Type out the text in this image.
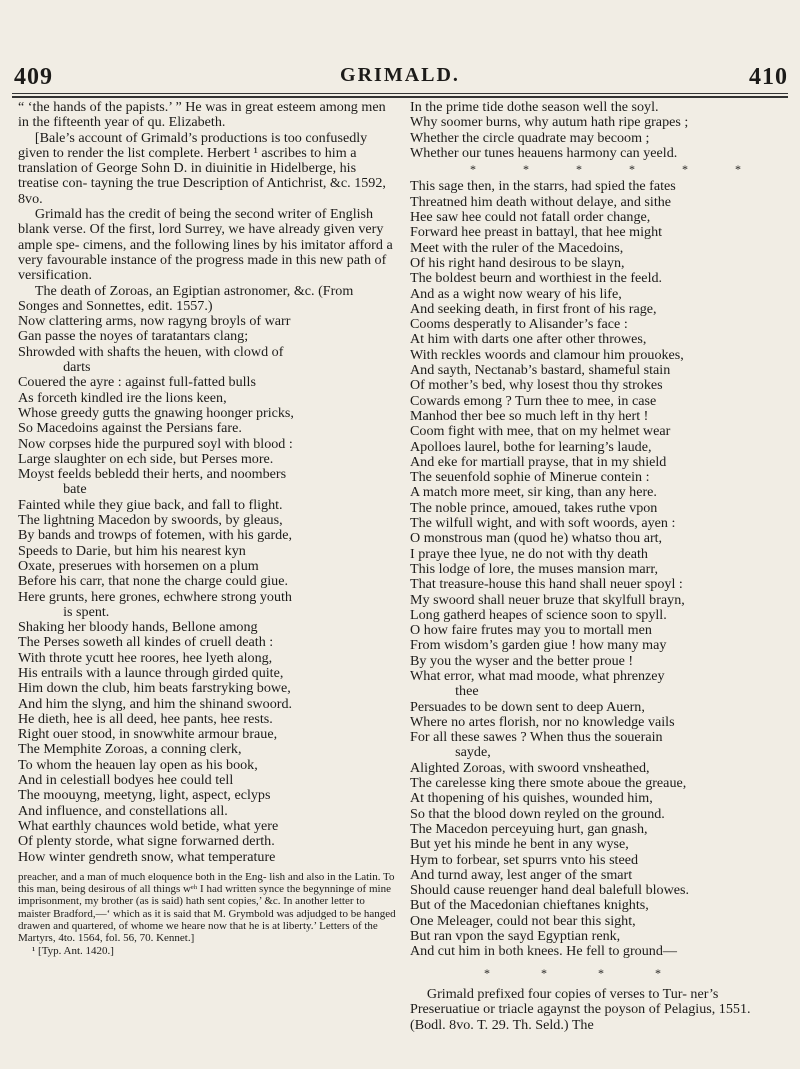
409	GRIMALD.	410

“ ‘the hands of the papists.’ ” He was in great esteem among men in the fifteenth year of qu. Elizabeth.

[Bale’s account of Grimald’s productions is too confusedly given to render the list complete. Herbert ¹ ascribes to him a translation of George Sohn D. in diuinitie in Hidelberge, his treatise con- tayning the true Description of Antichrist, &c. 1592, 8vo.

Grimald has the credit of being the second writer of English blank verse. Of the first, lord Surrey, we have already given very ample spe- cimens, and the following lines by his imitator afford a very favourable instance of the progress made in this new path of versification.

The death of Zoroas, an Egiptian astronomer, &c. (From Songes and Sonnettes, edit. 1557.)

Now clattering arms, now ragyng broyls of warr

Gan passe the noyes of taratantars clang;

Shrowded with shafts the heuen, with clowd of

darts

Couered the ayre : against full-fatted bulls

As forceth kindled ire the lions keen,

Whose greedy gutts the gnawing hoonger pricks,

So Macedoins against the Persians fare.

Now corpses hide the purpured soyl with blood :

Large slaughter on ech side, but Perses more.

Moyst feelds bebledd their herts, and noombers

bate

Fainted while they giue back, and fall to flight.

The lightning Macedon by swoords, by gleaus,

By bands and trowps of fotemen, with his garde,

Speeds to Darie, but him his nearest kyn

Oxate, preserues with horsemen on a plum

Before his carr, that none the charge could giue.

Here grunts, here grones, echwhere strong youth

is spent.

Shaking her bloody hands, Bellone among

The Perses soweth all kindes of cruell death :

With throte ycutt hee roores, hee lyeth along,

His entrails with a launce through girded quite,

Him down the club, him beats farstryking bowe,

And him the slyng, and him the shinand swoord.

He dieth, hee is all deed, hee pants, hee rests.

Right ouer stood, in snowwhite armour braue,

The Memphite Zoroas, a conning clerk,

To whom the heauen lay open as his book,

And in celestiall bodyes hee could tell

The moouyng, meetyng, light, aspect, eclyps

And influence, and constellations all.

What earthly chaunces wold betide, what yere

Of plenty storde, what signe forwarned derth.

How winter gendreth snow, what temperature

preacher, and a man of much eloquence both in the Eng- lish and also in the Latin. To this man, being desirous of all things wᵉʰ I had written synce the begynninge of mine imprisonment, my brother (as is said) hath sent copies,’ &c. In another letter to maister Bradford,—‘ which as it is said that M. Grymbold was adjudged to be hanged drawen and quartered, of whome we heare now that he is at liberty.’ Letters of the Martyrs, 4to. 1564, fol. 56, 70. Kennet.]

¹ [Typ. Ant. 1420.]

In the prime tide dothe season well the soyl.

Why soomer burns, why autum hath ripe grapes ;

Whether the circle quadrate may becoom ;

Whether our tunes heauens harmony can yeeld.

* * * * * *

This sage then, in the starrs, had spied the fates

Threatned him death without delaye, and sithe

Hee saw hee could not fatall order change,

Forward hee preast in battayl, that hee might

Meet with the ruler of the Macedoins,

Of his right hand desirous to be slayn,

The boldest beurn and worthiest in the feeld.

And as a wight now weary of his life,

And seeking death, in first front of his rage,

Cooms desperatly to Alisander’s face :

At him with darts one after other throwes,

With reckles woords and clamour him prouokes,

And sayth, Nectanab’s bastard, shameful stain

Of mother’s bed, why losest thou thy strokes

Cowards emong ? Turn thee to mee, in case

Manhod ther bee so much left in thy hert !

Coom fight with mee, that on my helmet wear

Apolloes laurel, bothe for learning’s laude,

And eke for martiall prayse, that in my shield

The seuenfold sophie of Minerue contein :

A match more meet, sir king, than any here.

The noble prince, amoued, takes ruthe vpon

The wilfull wight, and with soft woords, ayen :

O monstrous man (quod he) whatso thou art,

I praye thee lyue, ne do not with thy death

This lodge of lore, the muses mansion marr,

That treasure-house this hand shall neuer spoyl :

My swoord shall neuer bruze that skylfull brayn,

Long gatherd heapes of science soon to spyll.

O how faire frutes may you to mortall men

From wisdom’s garden giue ! how many may

By you the wyser and the better proue !

What error, what mad moode, what phrenzey

thee

Persuades to be down sent to deep Auern,

Where no artes florish, nor no knowledge vails

For all these sawes ? When thus the souerain

sayde,

Alighted Zoroas, with swoord vnsheathed,

The carelesse king there smote aboue the greaue,

At thopening of his quishes, wounded him,

So that the blood down reyled on the ground.

The Macedon perceyuing hurt, gan gnash,

But yet his minde he bent in any wyse,

Hym to forbear, set spurrs vnto his steed

And turnd away, lest anger of the smart

Should cause reuenger hand deal balefull blowes.

But of the Macedonian chieftanes knights,

One Meleager, could not bear this sight,

But ran vpon the sayd Egyptian renk,

And cut him in both knees. He fell to ground—

* * * *

Grimald prefixed four copies of verses to Tur- ner’s Preseruatiue or triacle agaynst the poyson of Pelagius, 1551. (Bodl. 8vo. T. 29. Th. Seld.) The
